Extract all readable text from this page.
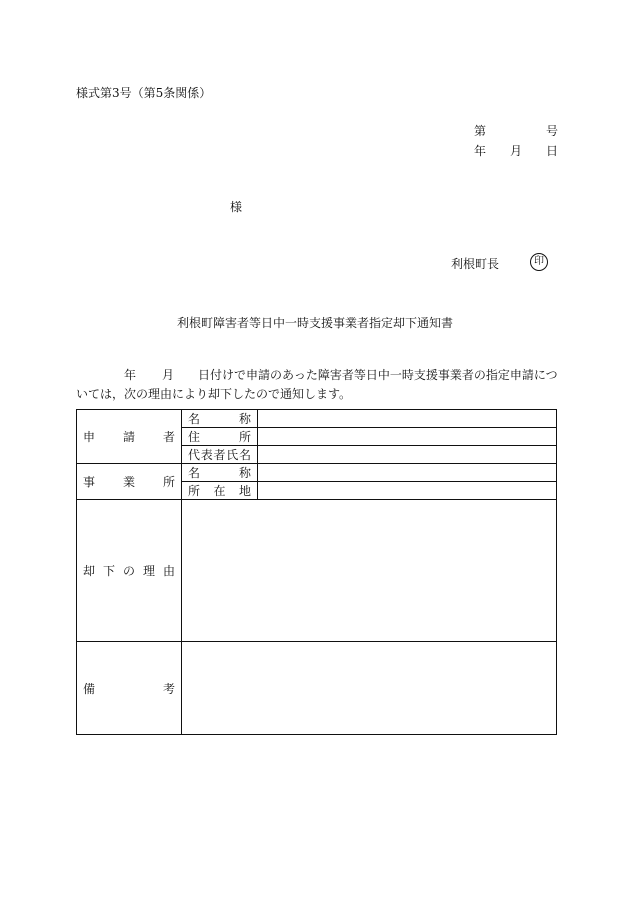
様式第3号（第5条関係）
第	号
年 月 日
様
利根町長	印
利根町障害者等日中一時支援事業者指定却下通知書
年 月 日付けで申請のあった障害者等日中一時支援事業者の指定申請については，次の理由により却下したので通知します。
申 請 者	名 称	

	住 所	

	代 表 者 氏 名	

事 業 所	名 称	

	所 在 地	

却 下 の 理 由		

備 考		
